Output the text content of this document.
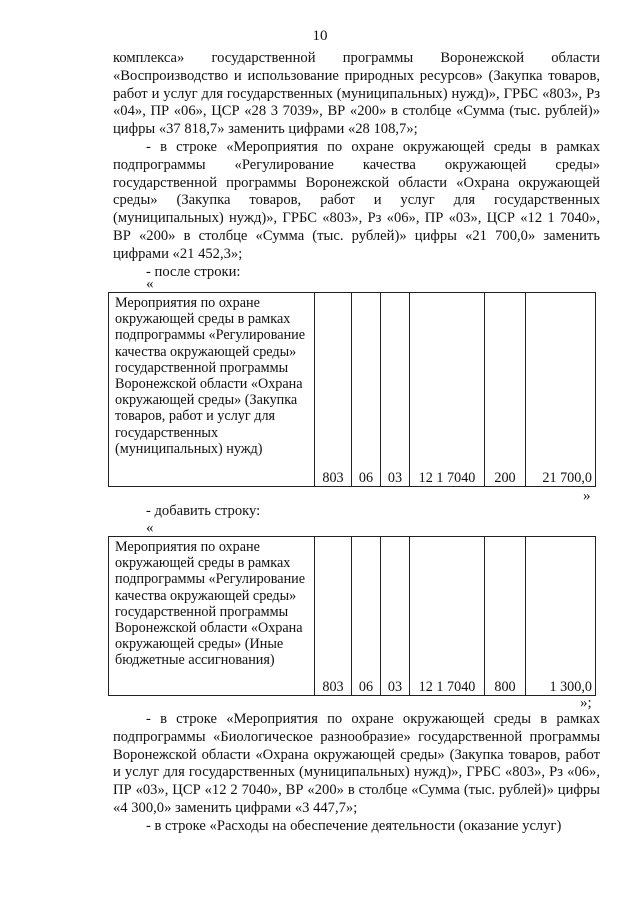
10

комплекса» государственной программы Воронежской области «Воспроизводство и использование природных ресурсов» (Закупка товаров, работ и услуг для государственных (муниципальных) нужд)», ГРБС «803», Рз «04», ПР «06», ЦСР «28 3 7039», ВР «200» в столбце «Сумма (тыс. рублей)» цифры «37 818,7» заменить цифрами «28 108,7»;

- в строке «Мероприятия по охране окружающей среды в рамках подпрограммы «Регулирование качества окружающей среды» государственной программы Воронежской области «Охрана окружающей среды» (Закупка товаров, работ и услуг для государственных (муниципальных) нужд)», ГРБС «803», Рз «06», ПР «03», ЦСР «12 1 7040», ВР «200» в столбце «Сумма (тыс. рублей)» цифры «21 700,0» заменить цифрами «21 452,3»;

- после строки:

«
Мероприятия по охране окружающей среды в рамках подпрограммы «Регулирование качества окружающей среды» государственной программы Воронежской области «Охрана окружающей среды» (Закупка товаров, работ и услуг для государственных (муниципальных) нужд)	803	06	03	12 1 7040	200	21 700,0
»

- добавить строку:

«
Мероприятия по охране окружающей среды в рамках подпрограммы «Регулирование качества окружающей среды» государственной программы Воронежской области «Охрана окружающей среды» (Иные бюджетные ассигнования)	803	06	03	12 1 7040	800	1 300,0
»;

- в строке «Мероприятия по охране окружающей среды в рамках подпрограммы «Биологическое разнообразие» государственной программы Воронежской области «Охрана окружающей среды» (Закупка товаров, работ и услуг для государственных (муниципальных) нужд)», ГРБС «803», Рз «06», ПР «03», ЦСР «12 2 7040», ВР «200» в столбце «Сумма (тыс. рублей)» цифры «4 300,0» заменить цифрами «3 447,7»;

- в строке «Расходы на обеспечение деятельности (оказание услуг)
